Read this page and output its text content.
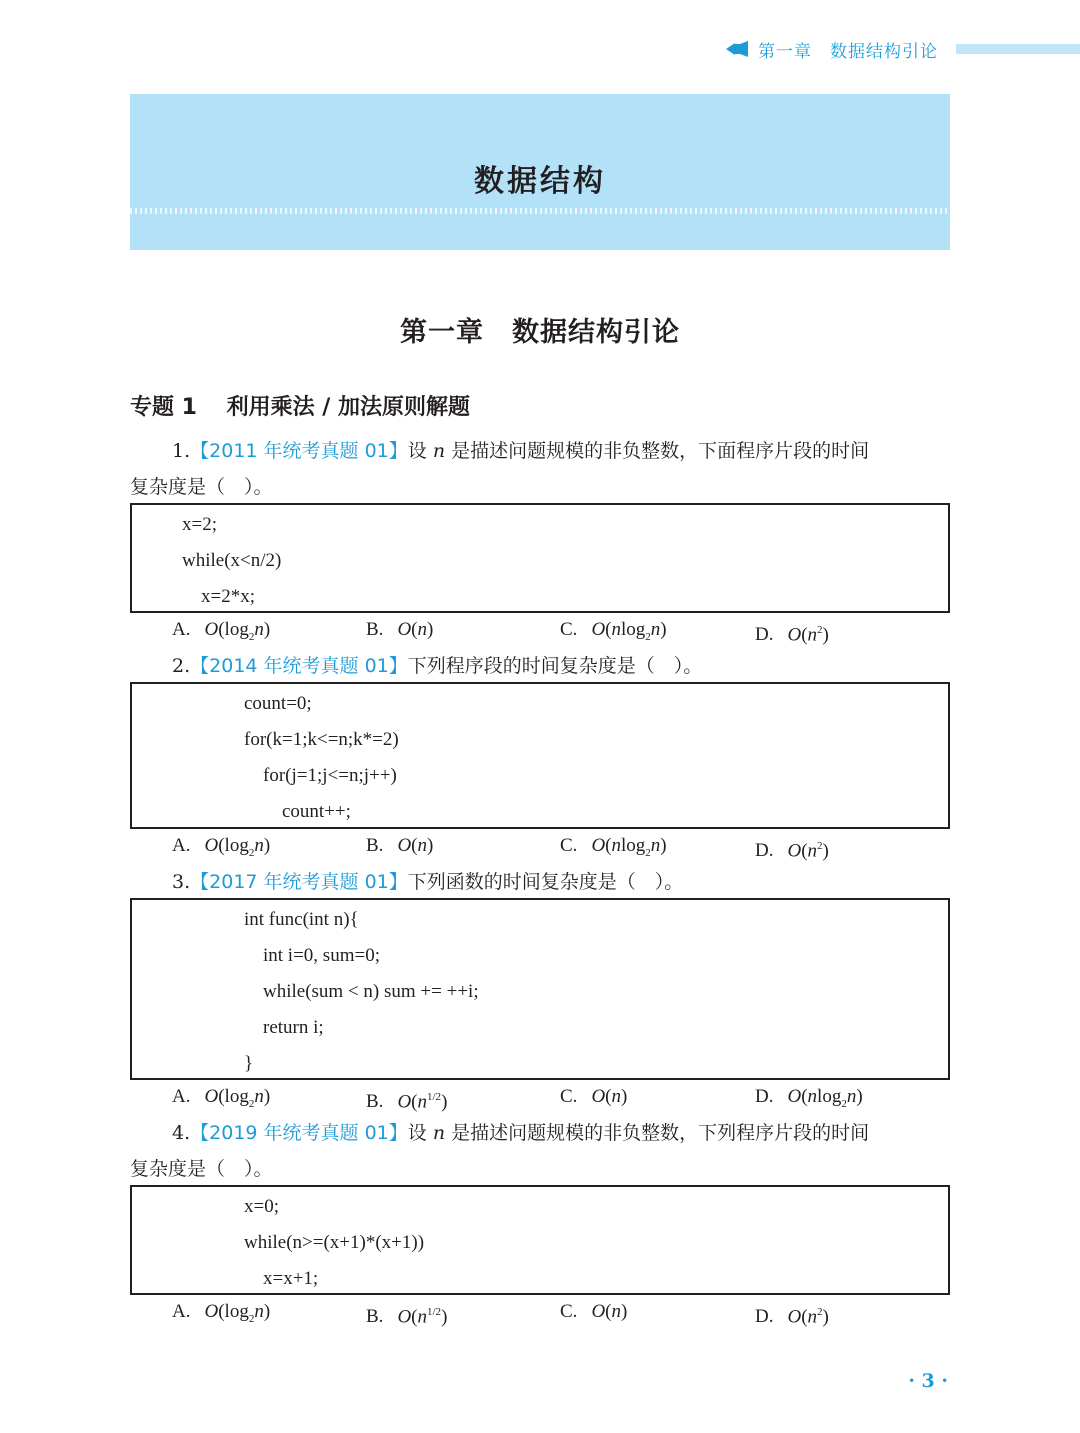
第一章 数据结构引论
数据结构
第一章　数据结构引论
专题 1 利用乘法 / 加法原则解题
1.【2011 年统考真题 01】设 n 是描述问题规模的非负整数，下面程序片段的时间
复杂度是（　）。
x=2;
while(x<n/2)
x=2*x;
A. $O(\log_2n)$	B. O(n)	C. O(nlog$_2$n)	D. $O(n^2)$
2.【2014 年统考真题 01】下列程序段的时间复杂度是（　）。
count=0;
for(k=1;k<=n;k*=2)
for(j=1;j<=n;j++)
count++;
A. $O(\log_2n)$	B. O(n)	C. O(nlog$_2$n)	D. $O(n^2)$
3.【2017 年统考真题 01】下列函数的时间复杂度是（　）。
int func(int n){
int i=0, sum=0;
while(sum < n) sum += ++i;
return i;
}
A. $O(\log_2n)$	B. $O(n^{1/2})$	C. O(n)	D. O(nlog$_2$n)
4.【2019 年统考真题 01】设 n 是描述问题规模的非负整数，下列程序片段的时间
复杂度是（　）。
x=0;
while(n>=(x+1)*(x+1))
x=x+1;
A. $O(\log_2n)$	B. $O(n^{1/2})$	C. O(n)	D. $O(n^2)$
· 3 ·
